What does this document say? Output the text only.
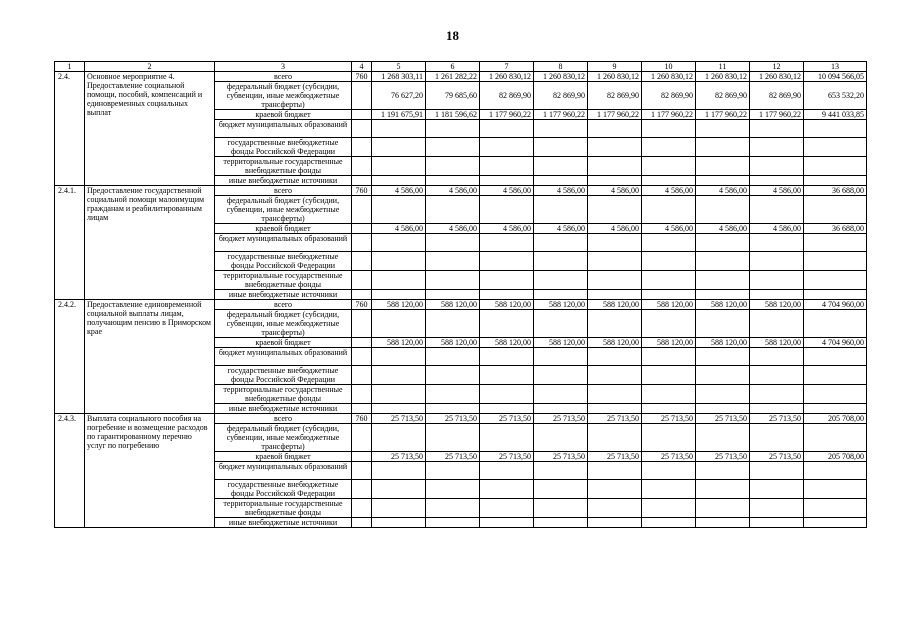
18
1	2	3	4	5	6	7	8	9	10	11	12	13
2.4.	Основное мероприятие 4. Предоставление социальной помощи, пособий, компенсаций и единовременных социальных выплат	всего	760	1 268 303,11	1 261 282,22	1 260 830,12	1 260 830,12	1 260 830,12	1 260 830,12	1 260 830,12	1 260 830,12	10 094 566,05
		федеральный бюджет (субсидии, субвенции, иные межбюджетные трансферты)		76 627,20	79 685,60	82 869,90	82 869,90	82 869,90	82 869,90	82 869,90	82 869,90	653 532,20
		краевой бюджет		1 191 675,91	1 181 596,62	1 177 960,22	1 177 960,22	1 177 960,22	1 177 960,22	1 177 960,22	1 177 960,22	9 441 033,85
		бюджет муниципальных образований										
		государственные внебюджетные фонды Российской Федерации										
		территориальные государственные внебюджетные фонды										
		иные внебюджетные источники										
2.4.1.	Предоставление государственной социальной помощи малоимущим гражданам и реабилитированным лицам	всего	760	4 586,00	4 586,00	4 586,00	4 586,00	4 586,00	4 586,00	4 586,00	4 586,00	36 688,00
		федеральный бюджет (субсидии, субвенции, иные межбюджетные трансферты)										
		краевой бюджет		4 586,00	4 586,00	4 586,00	4 586,00	4 586,00	4 586,00	4 586,00	4 586,00	36 688,00
		бюджет муниципальных образований										
		государственные внебюджетные фонды Российской Федерации										
		территориальные государственные внебюджетные фонды										
		иные внебюджетные источники										
2.4.2.	Предоставление единовременной социальной выплаты лицам, получающим пенсию в Приморском крае	всего	760	588 120,00	588 120,00	588 120,00	588 120,00	588 120,00	588 120,00	588 120,00	588 120,00	4 704 960,00
		федеральный бюджет (субсидии, субвенции, иные межбюджетные трансферты)										
		краевой бюджет		588 120,00	588 120,00	588 120,00	588 120,00	588 120,00	588 120,00	588 120,00	588 120,00	4 704 960,00
		бюджет муниципальных образований										
		государственные внебюджетные фонды Российской Федерации										
		территориальные государственные внебюджетные фонды										
		иные внебюджетные источники										
2.4.3.	Выплата социального пособия на погребение и возмещение расходов по гарантированному перечню услуг по погребению	всего	760	25 713,50	25 713,50	25 713,50	25 713,50	25 713,50	25 713,50	25 713,50	25 713,50	205 708,00
		федеральный бюджет (субсидии, субвенции, иные межбюджетные трансферты)										
		краевой бюджет		25 713,50	25 713,50	25 713,50	25 713,50	25 713,50	25 713,50	25 713,50	25 713,50	205 708,00
		бюджет муниципальных образований										
		государственные внебюджетные фонды Российской Федерации										
		территориальные государственные внебюджетные фонды										
		иные внебюджетные источники										
